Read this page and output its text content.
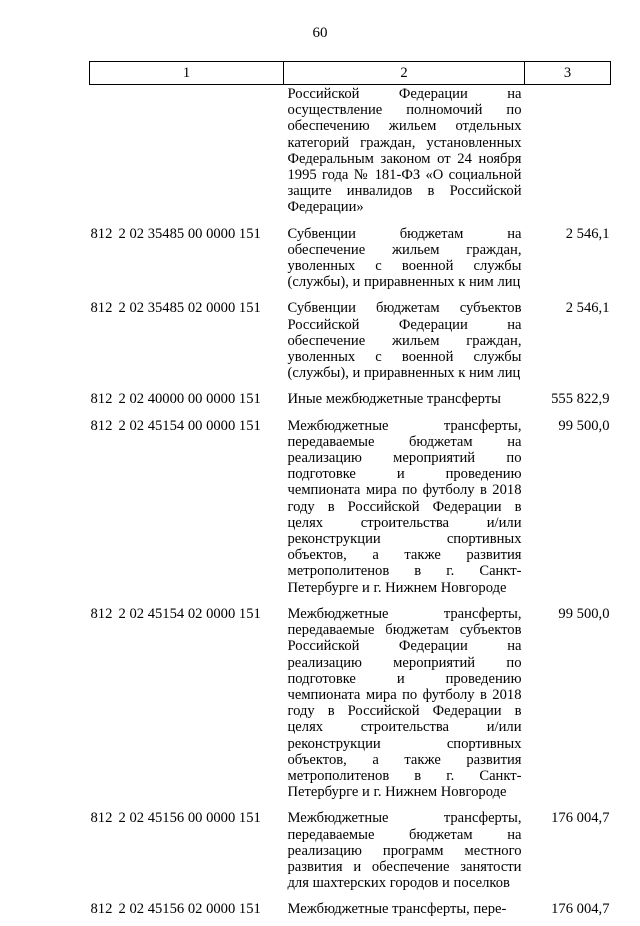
60
1	2	3
	Российской Федерации на осуществление полномочий по обеспечению жильем отдельных категорий граждан, установленных Федеральным законом от 24 ноября 1995 года № 181-ФЗ «О социальной защите инвалидов в Российской Федерации»	
812 2 02 35485 00 0000 151	Субвенции бюджетам на обеспечение жильем граждан, уволенных с военной службы (службы), и приравненных к ним лиц	2 546,1
812 2 02 35485 02 0000 151	Субвенции бюджетам субъектов Российской Федерации на обеспечение жильем граждан, уволенных с военной службы (службы), и приравненных к ним лиц	2 546,1
812 2 02 40000 00 0000 151	Иные межбюджетные трансферты	555 822,9
812 2 02 45154 00 0000 151	Межбюджетные трансферты, передаваемые бюджетам на реализацию мероприятий по подготовке и проведению чемпионата мира по футболу в 2018 году в Российской Федерации в целях строительства и/или реконструкции спортивных объектов, а также развития метрополитенов в г. Санкт-Петербурге и г. Нижнем Новгороде	99 500,0
812 2 02 45154 02 0000 151	Межбюджетные трансферты, передаваемые бюджетам субъектов Российской Федерации на реализацию мероприятий по подготовке и проведению чемпионата мира по футболу в 2018 году в Российской Федерации в целях строительства и/или реконструкции спортивных объектов, а также развития метрополитенов в г. Санкт-Петербурге и г. Нижнем Новгороде	99 500,0
812 2 02 45156 00 0000 151	Межбюджетные трансферты, передаваемые бюджетам на реализацию программ местного развития и обеспечение занятости для шахтерских городов и поселков	176 004,7
812 2 02 45156 02 0000 151	Межбюджетные трансферты, пере-	176 004,7
